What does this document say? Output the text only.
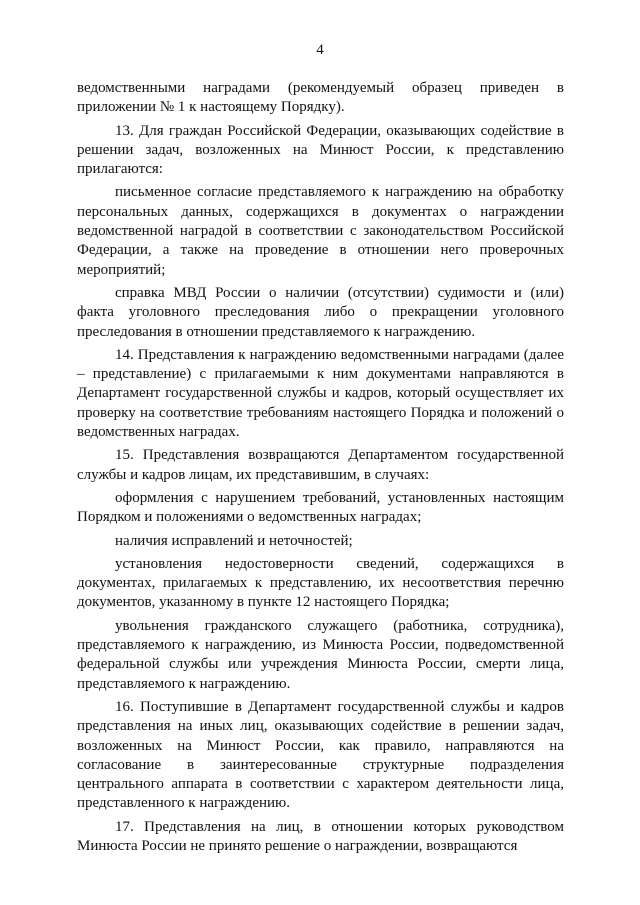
4

ведомственными наградами (рекомендуемый образец приведен в приложении № 1 к настоящему Порядку).

13. Для граждан Российской Федерации, оказывающих содействие в решении задач, возложенных на Минюст России, к представлению прилагаются:

письменное согласие представляемого к награждению на обработку персональных данных, содержащихся в документах о награждении ведомственной наградой в соответствии с законодательством Российской Федерации, а также на проведение в отношении него проверочных мероприятий;

справка МВД России о наличии (отсутствии) судимости и (или) факта уголовного преследования либо о прекращении уголовного преследования в отношении представляемого к награждению.

14. Представления к награждению ведомственными наградами (далее – представление) с прилагаемыми к ним документами направляются в Департамент государственной службы и кадров, который осуществляет их проверку на соответствие требованиям настоящего Порядка и положений о ведомственных наградах.

15. Представления возвращаются Департаментом государственной службы и кадров лицам, их представившим, в случаях:

оформления с нарушением требований, установленных настоящим Порядком и положениями о ведомственных наградах;

наличия исправлений и неточностей;

установления недостоверности сведений, содержащихся в документах, прилагаемых к представлению, их несоответствия перечню документов, указанному в пункте 12 настоящего Порядка;

увольнения гражданского служащего (работника, сотрудника), представляемого к награждению, из Минюста России, подведомственной федеральной службы или учреждения Минюста России, смерти лица, представляемого к награждению.

16. Поступившие в Департамент государственной службы и кадров представления на иных лиц, оказывающих содействие в решении задач, возложенных на Минюст России, как правило, направляются на согласование в заинтересованные структурные подразделения центрального аппарата в соответствии с характером деятельности лица, представленного к награждению.

17. Представления на лиц, в отношении которых руководством Минюста России не принято решение о награждении, возвращаются
